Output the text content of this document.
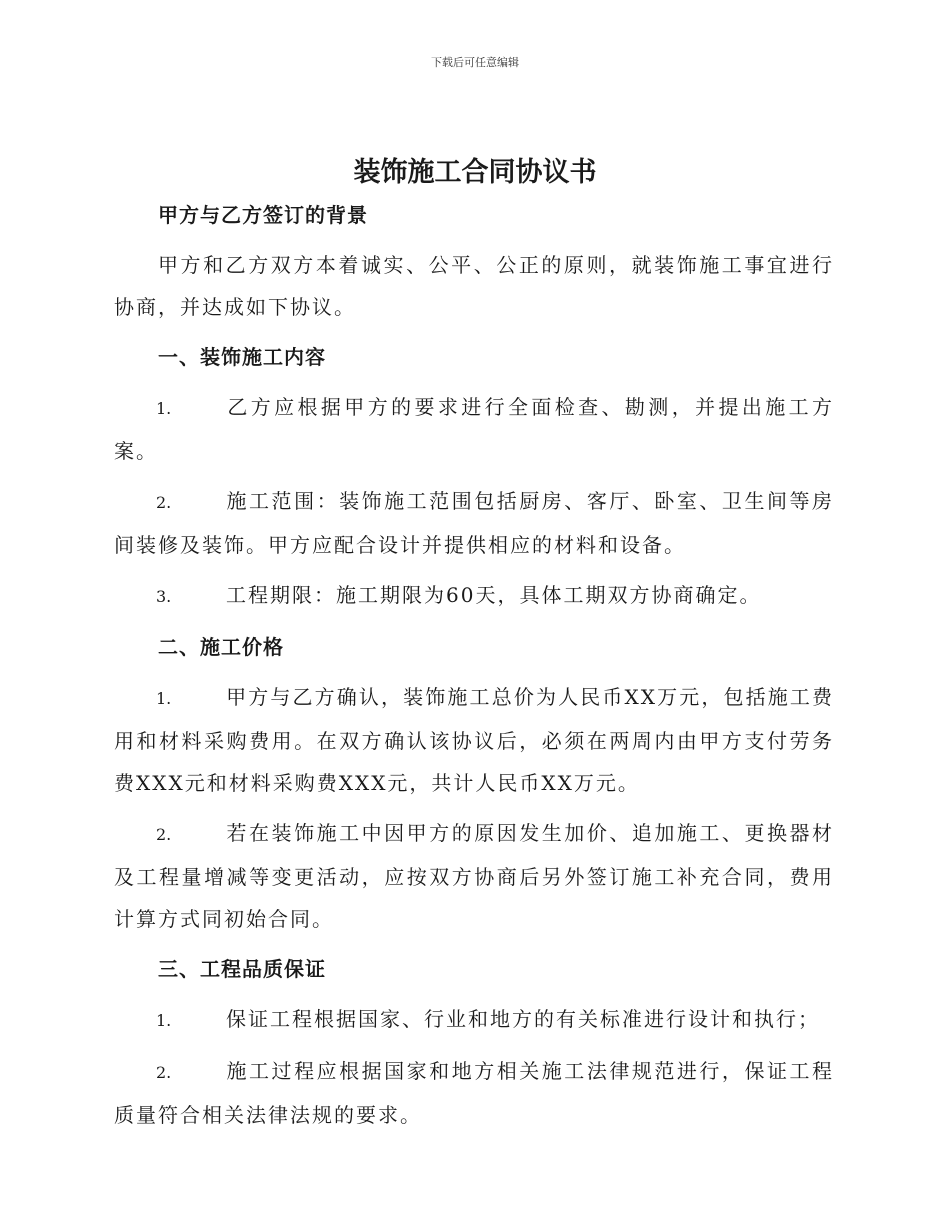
下载后可任意编辑
装饰施工合同协议书
甲方与乙方签订的背景
甲方和乙方双方本着诚实、公平、公正的原则，就装饰施工事宜进行协商，并达成如下协议。
一、装饰施工内容
1.	乙方应根据甲方的要求进行全面检查、勘测，并提出施工方案。
2.	施工范围：装饰施工范围包括厨房、客厅、卧室、卫生间等房间装修及装饰。甲方应配合设计并提供相应的材料和设备。
3.	工程期限：施工期限为60天，具体工期双方协商确定。
二、施工价格
1.	甲方与乙方确认，装饰施工总价为人民币XX万元，包括施工费用和材料采购费用。在双方确认该协议后，必须在两周内由甲方支付劳务费XXX元和材料采购费XXX元，共计人民币XX万元。
2.	若在装饰施工中因甲方的原因发生加价、追加施工、更换器材及工程量增减等变更活动，应按双方协商后另外签订施工补充合同，费用计算方式同初始合同。
三、工程品质保证
1.	保证工程根据国家、行业和地方的有关标准进行设计和执行；
2.	施工过程应根据国家和地方相关施工法律规范进行，保证工程质量符合相关法律法规的要求。
